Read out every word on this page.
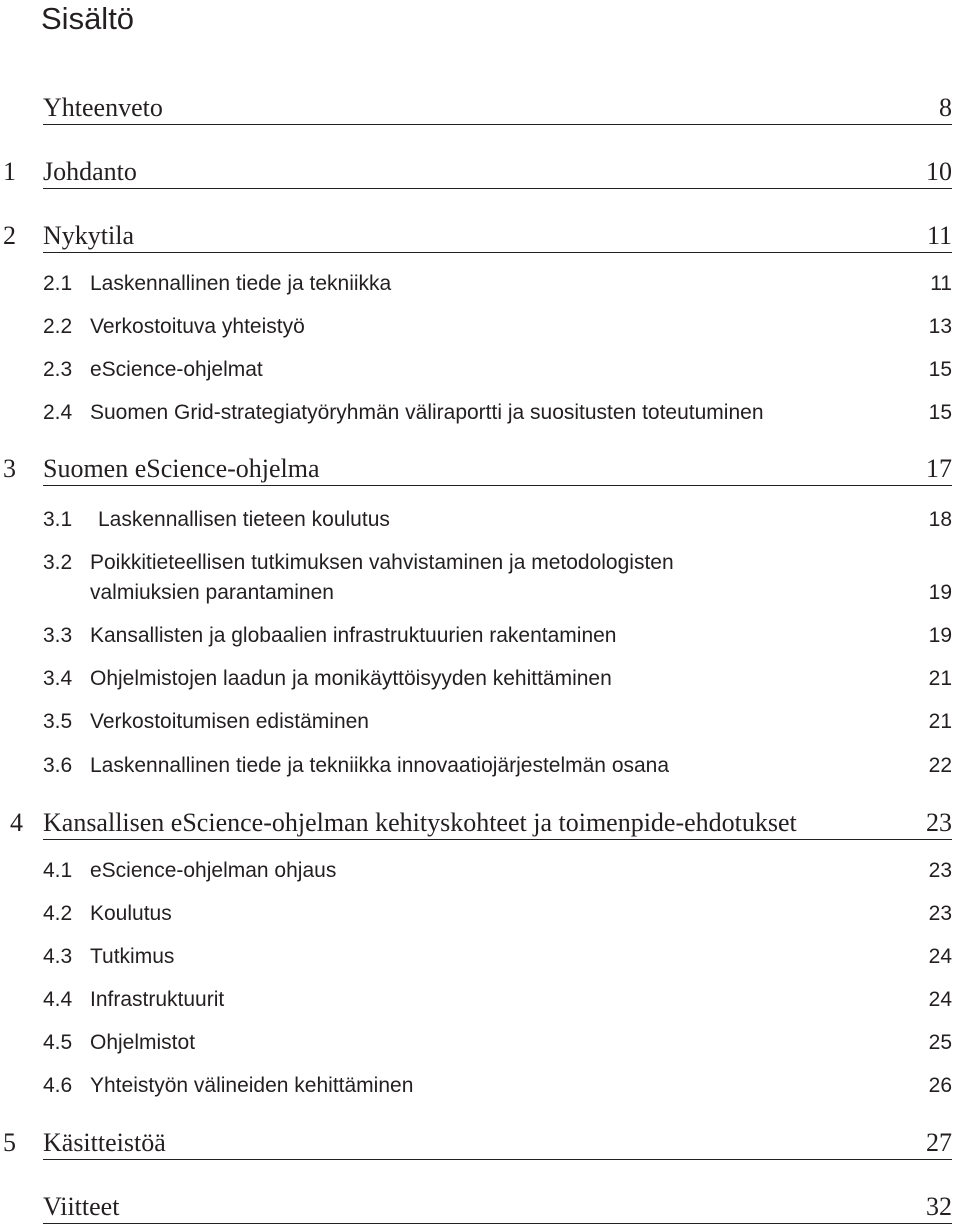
Sisältö
Yhteenveto	8
1 Johdanto	10
2 Nykytila	11
2.1 Laskennallinen tiede ja tekniikka	11
2.2 Verkostoituva yhteistyö	13
2.3 eScience-ohjelmat	15
2.4 Suomen Grid-strategiatyöryhmän väliraportti ja suositusten toteutuminen	15
3 Suomen eScience-ohjelma	17
3.1 Laskennallisen tieteen koulutus	18
3.2 Poikkitieteellisen tutkimuksen vahvistaminen ja metodologisten
valmiuksien parantaminen	19
3.3 Kansallisten ja globaalien infrastruktuurien rakentaminen	19
3.4 Ohjelmistojen laadun ja monikäyttöisyyden kehittäminen	21
3.5 Verkostoitumisen edistäminen	21
3.6 Laskennallinen tiede ja tekniikka innovaatiojärjestelmän osana	22
4 Kansallisen eScience-ohjelman kehityskohteet ja toimenpide-ehdotukset	23
4.1 eScience-ohjelman ohjaus	23
4.2 Koulutus	23
4.3 Tutkimus	24
4.4 Infrastruktuurit	24
4.5 Ohjelmistot	25
4.6 Yhteistyön välineiden kehittäminen	26
5 Käsitteistöä	27
Viitteet	32
